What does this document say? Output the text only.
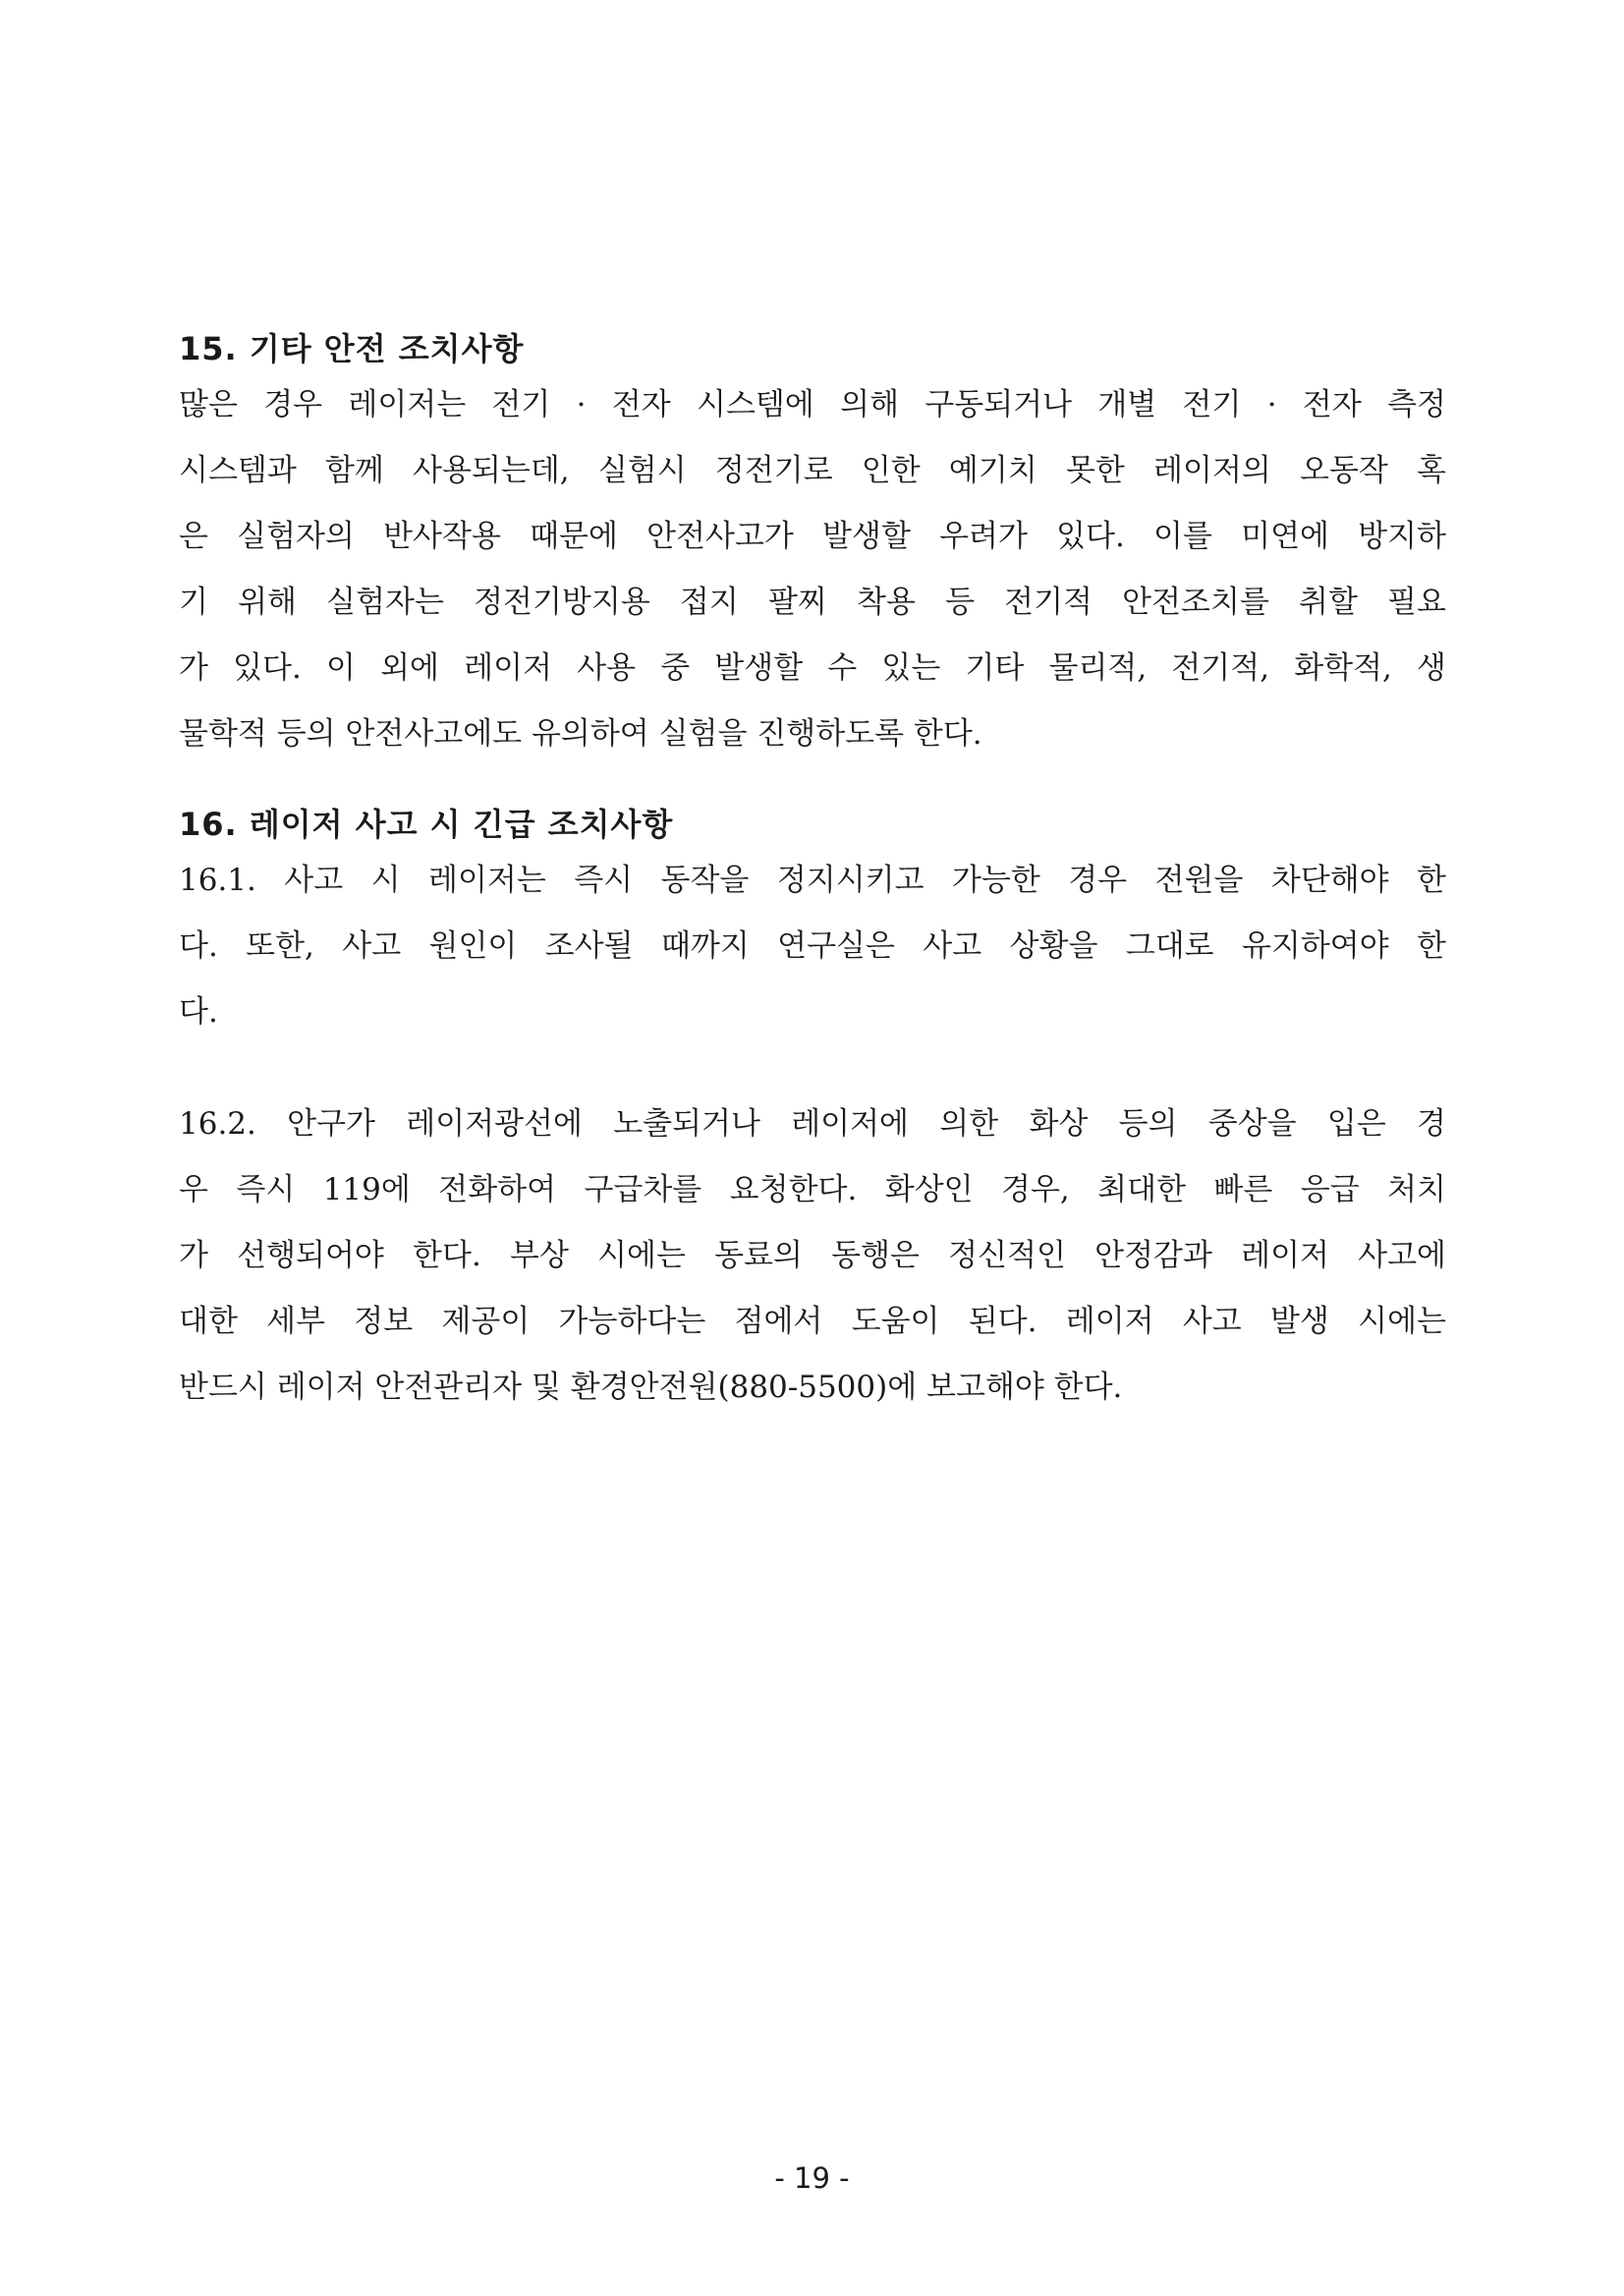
15. 기타 안전 조치사항

많은 경우 레이저는 전기 · 전자 시스템에 의해 구동되거나 개별 전기 · 전자 측정

시스템과 함께 사용되는데, 실험시 정전기로 인한 예기치 못한 레이저의 오동작 혹

은 실험자의 반사작용 때문에 안전사고가 발생할 우려가 있다. 이를 미연에 방지하

기 위해 실험자는 정전기방지용 접지 팔찌 착용 등 전기적 안전조치를 취할 필요

가 있다. 이 외에 레이저 사용 중 발생할 수 있는 기타 물리적, 전기적, 화학적, 생

물학적 등의 안전사고에도 유의하여 실험을 진행하도록 한다.

16. 레이저 사고 시 긴급 조치사항

16.1. 사고 시 레이저는 즉시 동작을 정지시키고 가능한 경우 전원을 차단해야 한

다. 또한, 사고 원인이 조사될 때까지 연구실은 사고 상황을 그대로 유지하여야 한

다.

16.2. 안구가 레이저광선에 노출되거나 레이저에 의한 화상 등의 중상을 입은 경

우 즉시 119에 전화하여 구급차를 요청한다. 화상인 경우, 최대한 빠른 응급 처치

가 선행되어야 한다. 부상 시에는 동료의 동행은 정신적인 안정감과 레이저 사고에

대한 세부 정보 제공이 가능하다는 점에서 도움이 된다. 레이저 사고 발생 시에는

반드시 레이저 안전관리자 및 환경안전원(880-5500)에 보고해야 한다.

- 19 -
